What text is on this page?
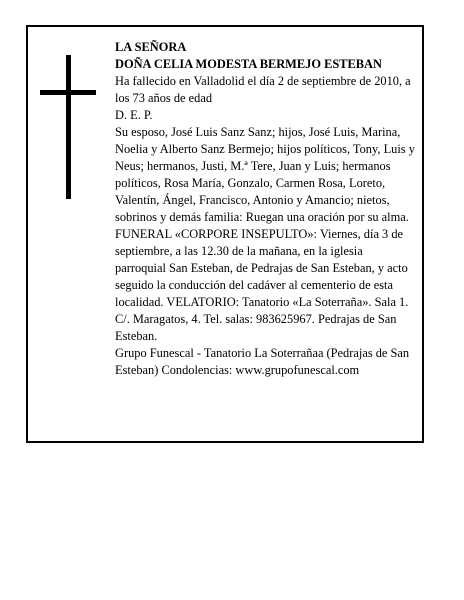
LA SEÑORA

DOÑA CELIA MODESTA BERMEJO ESTEBAN

Ha fallecido en Valladolid el día 2 de septiembre de 2010, a los 73 años de edad

D. E. P.

Su esposo, José Luis Sanz Sanz; hijos, José Luis, Marina, Noelia y Alberto Sanz Bermejo; hijos políticos, Tony, Luis y Neus; hermanos, Justi, M.ª Tere, Juan y Luis; hermanos políticos, Rosa María, Gonzalo, Carmen Rosa, Loreto, Valentín, Ángel, Francisco, Antonio y Amancio; nietos, sobrinos y demás familia: Ruegan una oración por su alma.

FUNERAL «CORPORE INSEPULTO»: Viernes, día 3 de septiembre, a las 12.30 de la mañana, en la iglesia parroquial San Esteban, de Pedrajas de San Esteban, y acto seguido la conducción del cadáver al cementerio de esta localidad. VELATORIO: Tanatorio «La Soterraña». Sala 1. C/. Maragatos, 4. Tel. salas: 983625967. Pedrajas de San Esteban.

Grupo Funescal - Tanatorio La Soterrañaa (Pedrajas de San Esteban) Condolencias: www.grupofunescal.com
